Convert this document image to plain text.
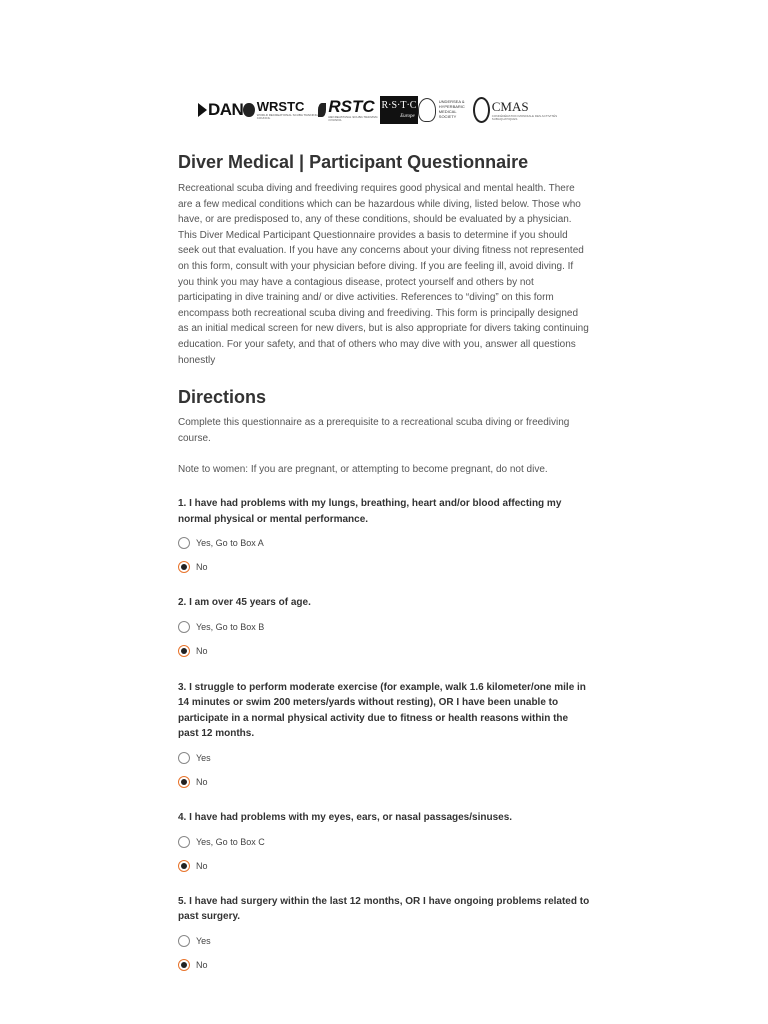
DAN WRSTC
WORLD RECREATIONAL SCUBA TRAINING COUNCIL
RSTC
RECREATIONAL SCUBA TRAINING COUNCIL
R·S·T·C
Europe
UNDERSEA & HYPERBARIC MEDICAL SOCIETY
CMAS
CONFÉDÉRATION MONDIALE DES ACTIVITÉS SUBAQUATIQUES
Diver Medical | Participant Questionnaire

Recreational scuba diving and freediving requires good physical and mental health. There are a few medical conditions which can be hazardous while diving, listed below. Those who have, or are predisposed to, any of these conditions, should be evaluated by a physician. This Diver Medical Participant Questionnaire provides a basis to determine if you should seek out that evaluation. If you have any concerns about your diving fitness not represented on this form, consult with your physician before diving. If you are feeling ill, avoid diving. If you think you may have a contagious disease, protect yourself and others by not participating in dive training and/ or dive activities. References to “diving” on this form encompass both recreational scuba diving and freediving. This form is principally designed as an initial medical screen for new divers, but is also appropriate for divers taking continuing education. For your safety, and that of others who may dive with you, answer all questions honestly

Directions

Complete this questionnaire as a prerequisite to a recreational scuba diving or freediving course.

Note to women: If you are pregnant, or attempting to become pregnant, do not dive.

1. I have had problems with my lungs, breathing, heart and/or blood affecting my normal physical or mental performance.

Yes, Go to Box A
No

2. I am over 45 years of age.

Yes, Go to Box B
No

3. I struggle to perform moderate exercise (for example, walk 1.6 kilometer/one mile in 14 minutes or swim 200 meters/yards without resting), OR I have been unable to participate in a normal physical activity due to fitness or health reasons within the past 12 months.

Yes
No

4. I have had problems with my eyes, ears, or nasal passages/sinuses.

Yes, Go to Box C
No

5. I have had surgery within the last 12 months, OR I have ongoing problems related to past surgery.

Yes
No
